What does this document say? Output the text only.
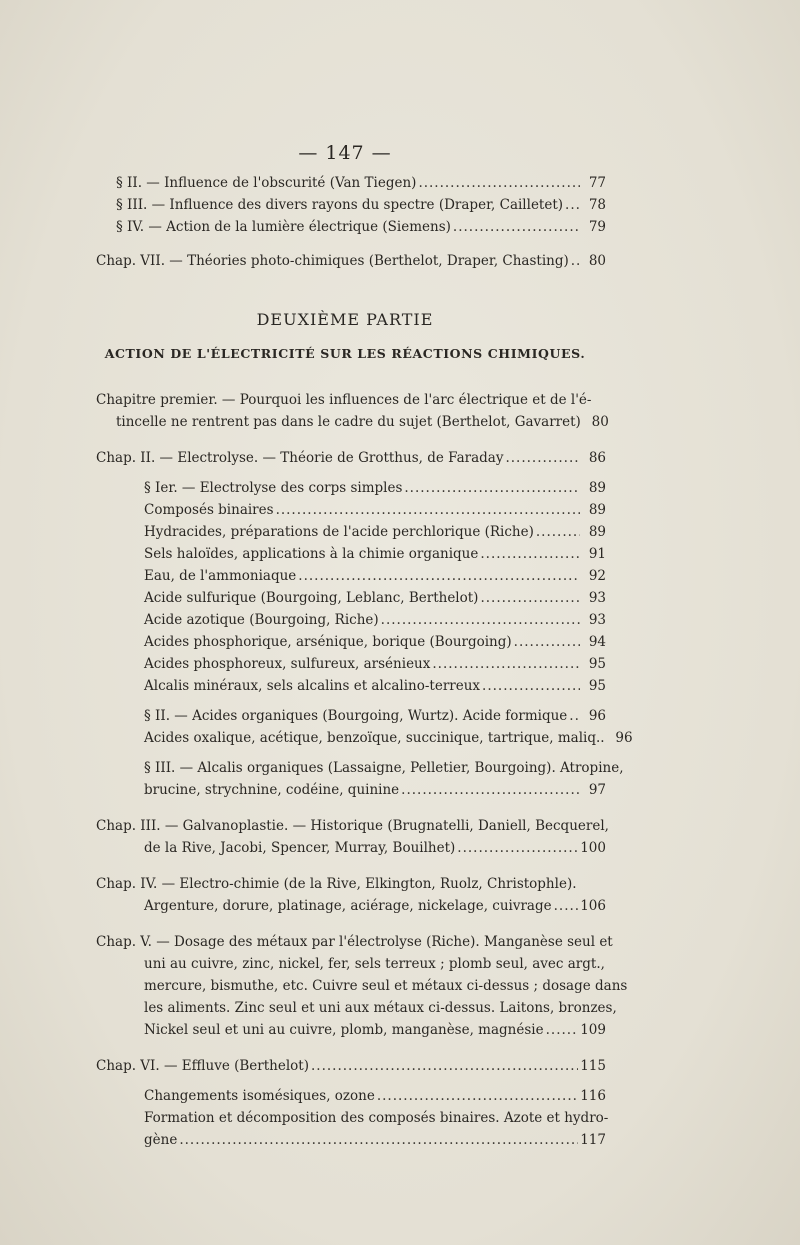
— 147 —
§ II. — Influence de l'obscurité (Van Tiegen) .....	77
§ III. — Influence des divers rayons du spectre (Draper, Cailletet) .....	78
§ IV. — Action de la lumière électrique (Siemens) .....	79
Chap. VII. — Théories photo-chimiques (Berthelot, Draper, Chasting) .....	80
DEUXIÈME PARTIE
ACTION DE L'ÉLECTRICITÉ SUR LES RÉACTIONS CHIMIQUES.
Chapitre premier. — Pourquoi les influences de l'arc électrique et de l'é-
tincelle ne rentrent pas dans le cadre du sujet (Berthelot, Gavarret) 80
Chap. II. — Electrolyse. — Théorie de Grotthus, de Faraday .....	86
§ Ier. — Electrolyse des corps simples .....	89
Composés binaires .....	89
Hydracides, préparations de l'acide perchlorique (Riche) .....	89
Sels haloïdes, applications à la chimie organique .....	91
Eau, de l'ammoniaque .....	92
Acide sulfurique (Bourgoing, Leblanc, Berthelot) .....	93
Acide azotique (Bourgoing, Riche) .....	93
Acides phosphorique, arsénique, borique (Bourgoing) .....	94
Acides phosphoreux, sulfureux, arsénieux .....	95
Alcalis minéraux, sels alcalins et alcalino-terreux .....	95
§ II. — Acides organiques (Bourgoing, Wurtz). Acide formique .....	96
Acides oxalique, acétique, benzoïque, succinique, tartrique, maliq.. 96
§ III. — Alcalis organiques (Lassaigne, Pelletier, Bourgoing). Atropine,
brucine, strychnine, codéine, quinine .....	97
Chap. III. — Galvanoplastie. — Historique (Brugnatelli, Daniell, Becquerel,
de la Rive, Jacobi, Spencer, Murray, Bouilhet) .....	100
Chap. IV. — Electro-chimie (de la Rive, Elkington, Ruolz, Christophle).
Argenture, dorure, platinage, aciérage, nickelage, cuivrage ..... 106
Chap. V. — Dosage des métaux par l'électrolyse (Riche). Manganèse seul et
uni au cuivre, zinc, nickel, fer, sels terreux ; plomb seul, avec argt.,
mercure, bismuthe, etc. Cuivre seul et métaux ci-dessus ; dosage dans
les aliments. Zinc seul et uni aux métaux ci-dessus. Laitons, bronzes,
Nickel seul et uni au cuivre, plomb, manganèse, magnésie .....	109
Chap. VI. — Effluve (Berthelot) .....	115
Changements isomésiques, ozone .....	116
Formation et décomposition des composés binaires. Azote et hydro-
gène .....	117
